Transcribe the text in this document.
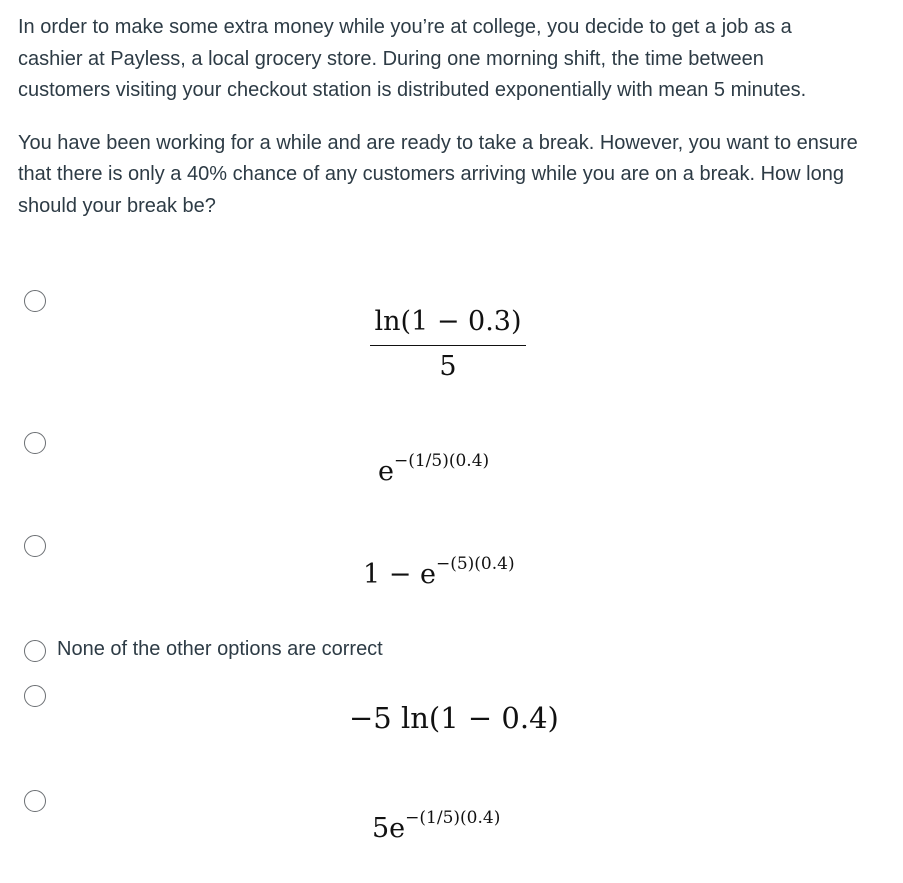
In order to make some extra money while you’re at college, you decide to get a job as a cashier at Payless, a local grocery store. During one morning shift, the time between customers visiting your checkout station is distributed exponentially with mean 5 minutes.

You have been working for a while and are ready to take a break. However, you want to ensure that there is only a 40% chance of any customers arriving while you are on a break. How long should your break be?

$\frac{\ln(1 - 0.3)}{5}$
$e^{-(1/5)(0.4)}$
$1 - e^{-(5)(0.4)}$
None of the other options are correct
−5 ln(1 − 0.4)
$5e^{-(1/5)(0.4)}$
